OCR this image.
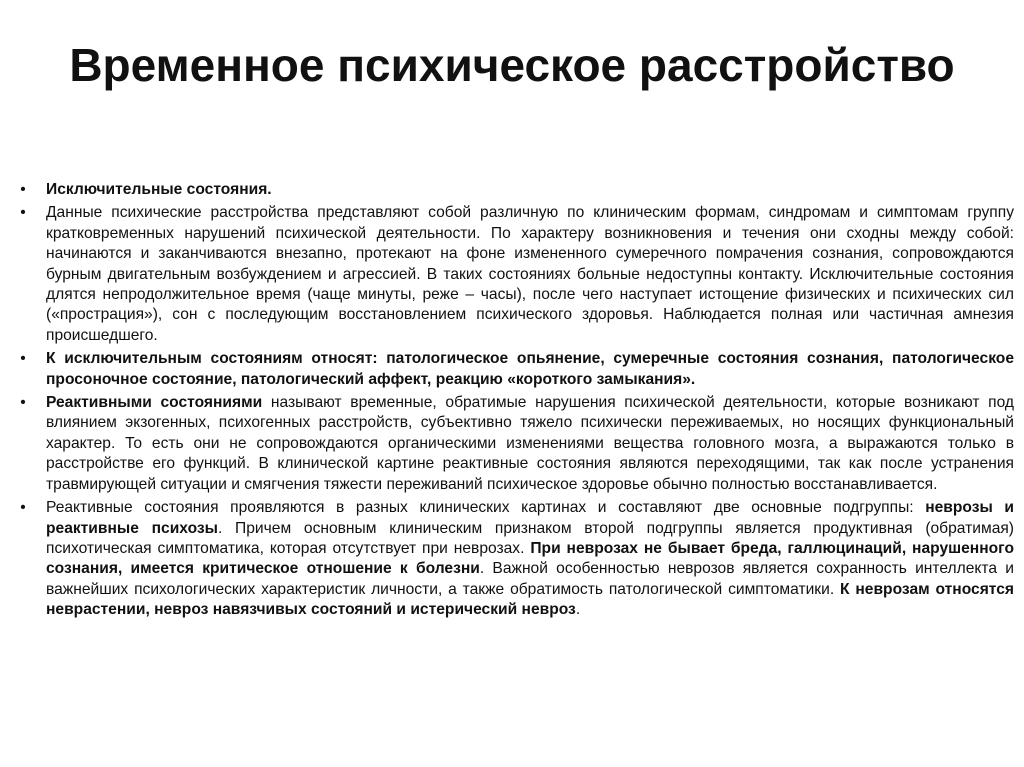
Временное психическое расстройство
•	Исключительные состояния.
•	Данные психические расстройства представляют собой различную по клиническим формам, синдромам и симптомам группу кратковременных нарушений психической деятельности. По характеру возникновения и течения они сходны между собой: начинаются и заканчиваются внезапно, протекают на фоне измененного сумеречного помрачения сознания, сопровождаются бурным двигательным возбуждением и агрессией. В таких состояниях больные недоступны контакту. Исключительные состояния длятся непродолжительное время (чаще минуты, реже – часы), после чего наступает истощение физических и психических сил («прострация»), сон с последующим восстановлением психического здоровья. Наблюдается полная или частичная амнезия происшедшего.
•	К исключительным состояниям относят: патологическое опьянение, сумеречные состояния сознания, патологическое просоночное состояние, патологический аффект, реакцию «короткого замыкания».
•	Реактивными состояниями называют временные, обратимые нарушения психической деятельности, которые возникают под влиянием экзогенных, психогенных расстройств, субъективно тяжело психически переживаемых, но носящих функциональный характер. То есть они не сопровождаются органическими изменениями вещества головного мозга, а выражаются только в расстройстве его функций. В клинической картине реактивные состояния являются переходящими, так как после устранения травмирующей ситуации и смягчения тяжести переживаний психическое здоровье обычно полностью восстанавливается.
•	Реактивные состояния проявляются в разных клинических картинах и составляют две основные подгруппы: неврозы и реактивные психозы. Причем основным клиническим признаком второй подгруппы является продуктивная (обратимая) психотическая симптоматика, которая отсутствует при неврозах. При неврозах не бывает бреда, галлюцинаций, нарушенного сознания, имеется критическое отношение к болезни. Важной особенностью неврозов является сохранность интеллекта и важнейших психологических характеристик личности, а также обратимость патологической симптоматики. К неврозам относятся неврастении, невроз навязчивых состояний и истерический невроз.
